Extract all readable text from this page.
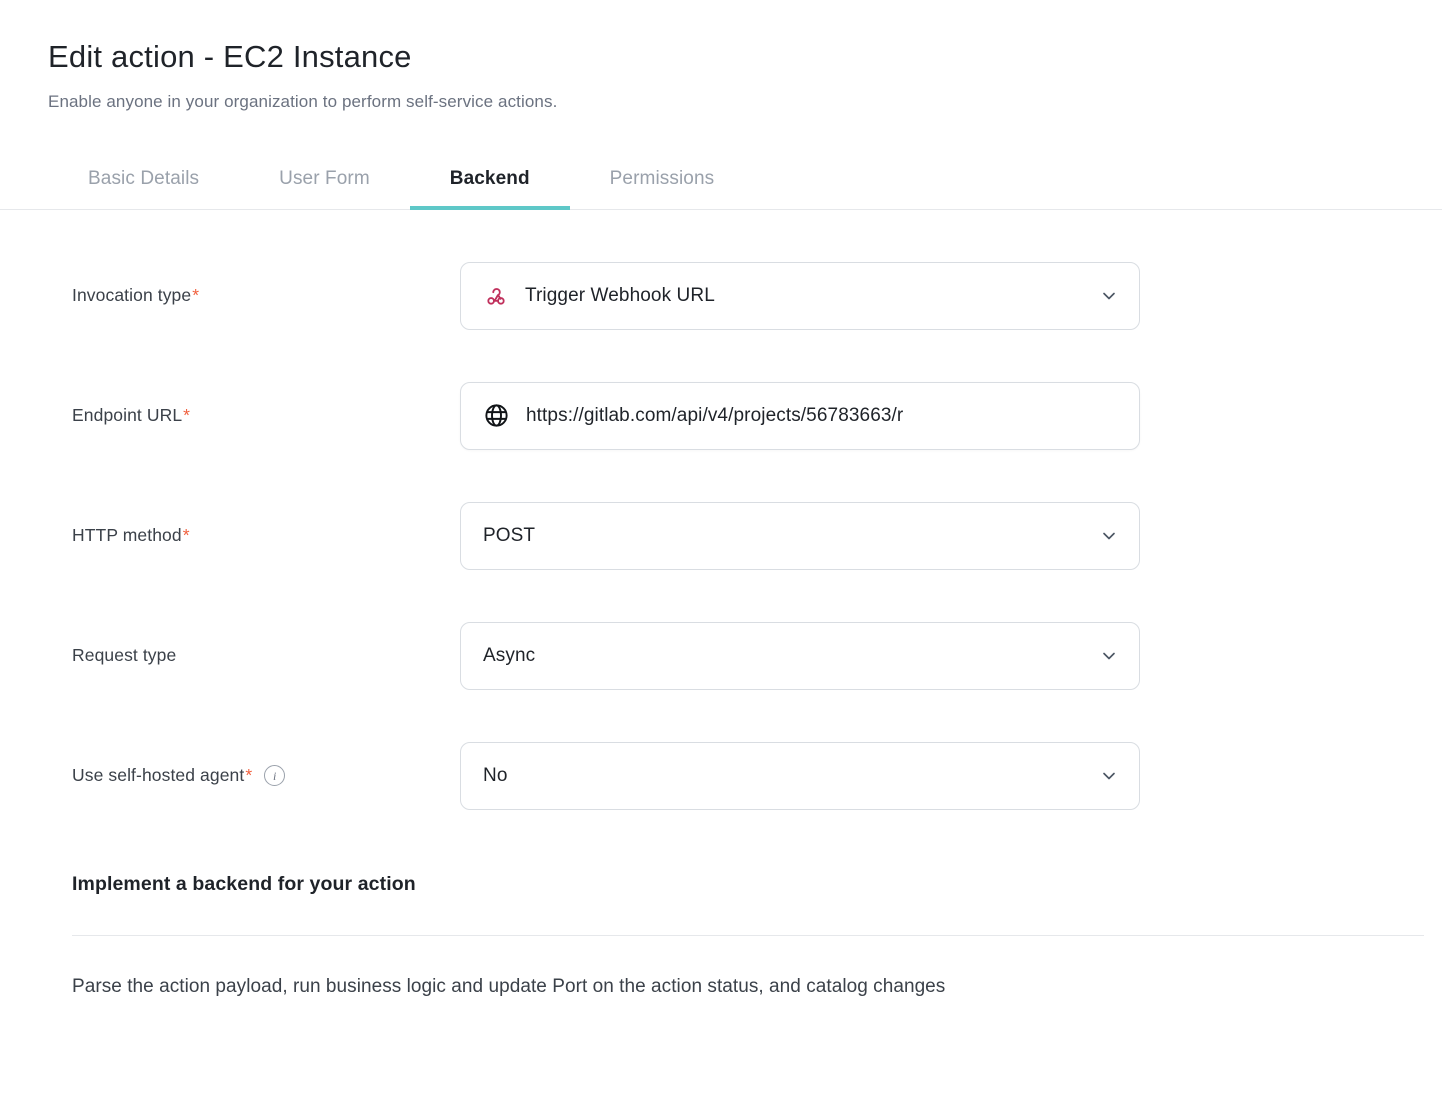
Edit action - EC2 Instance

Enable anyone in your organization to perform self-service actions.

Basic Details	User Form	Backend	Permissions
Invocation type *	Trigger Webhook URL
Endpoint URL *	https://gitlab.com/api/v4/projects/56783663/r
HTTP method *	POST
Request type	Async
Use self-hosted agent *	i	No
Implement a backend for your action
Parse the action payload, run business logic and update Port on the action status, and catalog changes
